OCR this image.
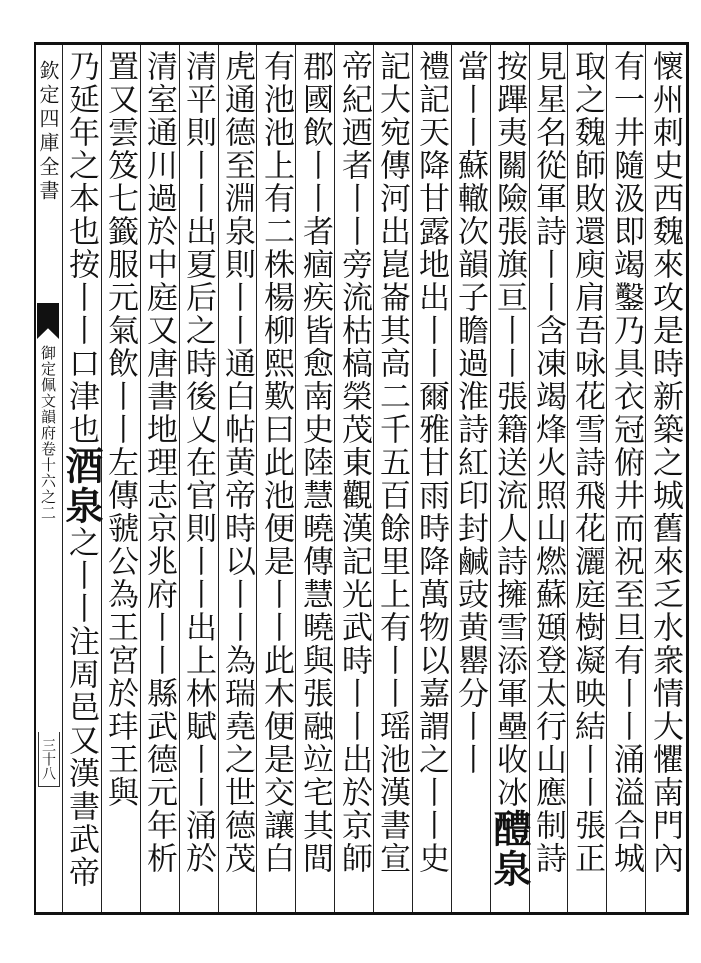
欽定四庫全書
御定佩文韻府卷十六之二
三十八	懷州刺史西魏來攻是時新築之城舊來乏水衆情大懼南門內
有一井隨汲即竭鑿乃具衣冠俯井而祝至旦有丨丨涌溢合城
取之魏師敗還庾肩吾咏花雪詩飛花灑庭樹凝映結丨丨張正
見星名從軍詩丨丨含凍竭烽火照山燃蘇頲登太行山應制詩
按蹕夷關險張旗亘丨丨張籍送流人詩擁雪添軍壘收冰醴泉
當丨丨蘇轍次韻子瞻過淮詩紅印封鹹豉黄罌分丨丨
禮記天降甘露地出丨丨爾雅甘雨時降萬物以嘉謂之丨丨史
記大宛傳河出崑崙其高二千五百餘里上有丨丨瑶池漢書宣
帝紀迺者丨丨旁流枯槁榮茂東觀漢記光武時丨丨出於京師
郡國飲丨丨者痼疾皆愈南史陸慧曉傳慧曉與張融竝宅其間
有池池上有二株楊柳熙歎曰此池便是丨丨此木便是交讓白
虎通德至淵泉則丨丨通白帖黄帝時以丨丨為瑞堯之世德茂
清平則丨丨出夏后之時後乂在官則丨丨出上林賦丨丨涌於
清室通川過於中庭又唐書地理志京兆府丨丨縣武德元年析
置又雲笈七籤服元氣飲丨丨左傳虢公為王宮於玤王與
乃延年之本也按丨丨口津也酒泉之丨丨注周邑又漢書武帝
